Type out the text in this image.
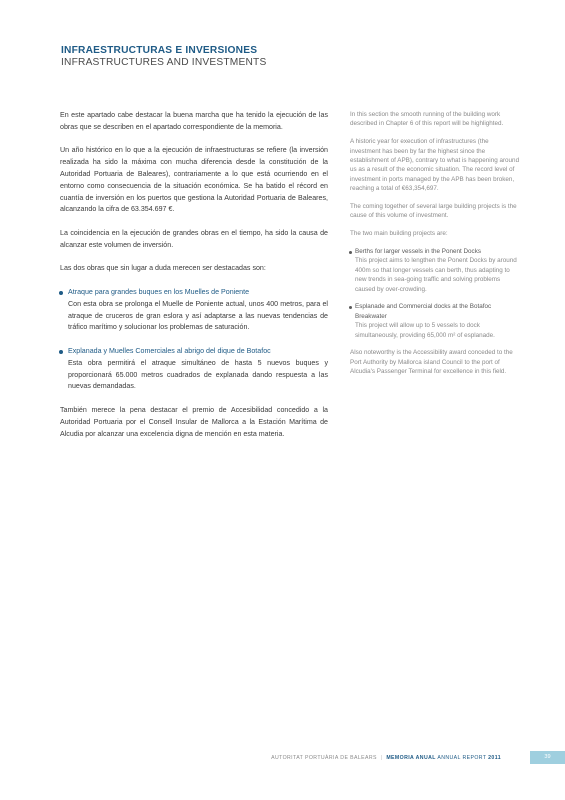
INFRAESTRUCTURAS E INVERSIONES
INFRASTRUCTURES AND INVESTMENTS

En este apartado cabe destacar la buena marcha que ha tenido la ejecución de las obras que se describen en el apartado correspondiente de la memoria.

Un año histórico en lo que a la ejecución de infraestructuras se refiere (la inversión realizada ha sido la máxima con mucha diferencia desde la constitución de la Autoridad Portuaria de Baleares), contrariamente a lo que está ocurriendo en el entorno como consecuencia de la situación económica. Se ha batido el récord en cuantía de inversión en los puertos que gestiona la Autoridad Portuaria de Baleares, alcanzando la cifra de 63.354.697 €.

La coincidencia en la ejecución de grandes obras en el tiempo, ha sido la causa de alcanzar este volumen de inversión.

Las dos obras que sin lugar a duda merecen ser destacadas son:

Atraque para grandes buques en los Muelles de Poniente
Con esta obra se prolonga el Muelle de Poniente actual, unos 400 metros, para el atraque de cruceros de gran eslora y así adaptarse a las nuevas tendencias de tráfico marítimo y solucionar los problemas de saturación.
Explanada y Muelles Comerciales al abrigo del dique de Botafoc
Esta obra permitirá el atraque simultáneo de hasta 5 nuevos buques y proporcionará 65.000 metros cuadrados de explanada dando respuesta a las nuevas demandadas.

También merece la pena destacar el premio de Accesibilidad concedido a la Autoridad Portuaria por el Consell Insular de Mallorca a la Estación Marítima de Alcudia por alcanzar una excelencia digna de mención en esta materia.

In this section the smooth running of the building work described in Chapter 6 of this report will be highlighted.

A historic year for execution of infrastructures (the investment has been by far the highest since the establishment of APB), contrary to what is happening around us as a result of the economic situation. The record level of investment in ports managed by the APB has been broken, reaching a total of €63,354,697.

The coming together of several large building projects is the cause of this volume of investment.

The two main building projects are:

Berths for larger vessels in the Ponent Docks
This project aims to lengthen the Ponent Docks by around 400m so that longer vessels can berth, thus adapting to new trends in sea-going traffic and solving problems caused by over-crowding.
Esplanade and Commercial docks at the Botafoc Breakwater
This project will allow up to 5 vessels to dock simultaneously, providing 65,000 m² of esplanade.

Also noteworthy is the Accessibility award conceded to the Port Authority by Mallorca island Council to the port of Alcudia's Passenger Terminal for excellence in this field.

AUTORITAT PORTUÀRIA DE BALEARS | MEMORIA ANUAL ANNUAL REPORT 2011	39
